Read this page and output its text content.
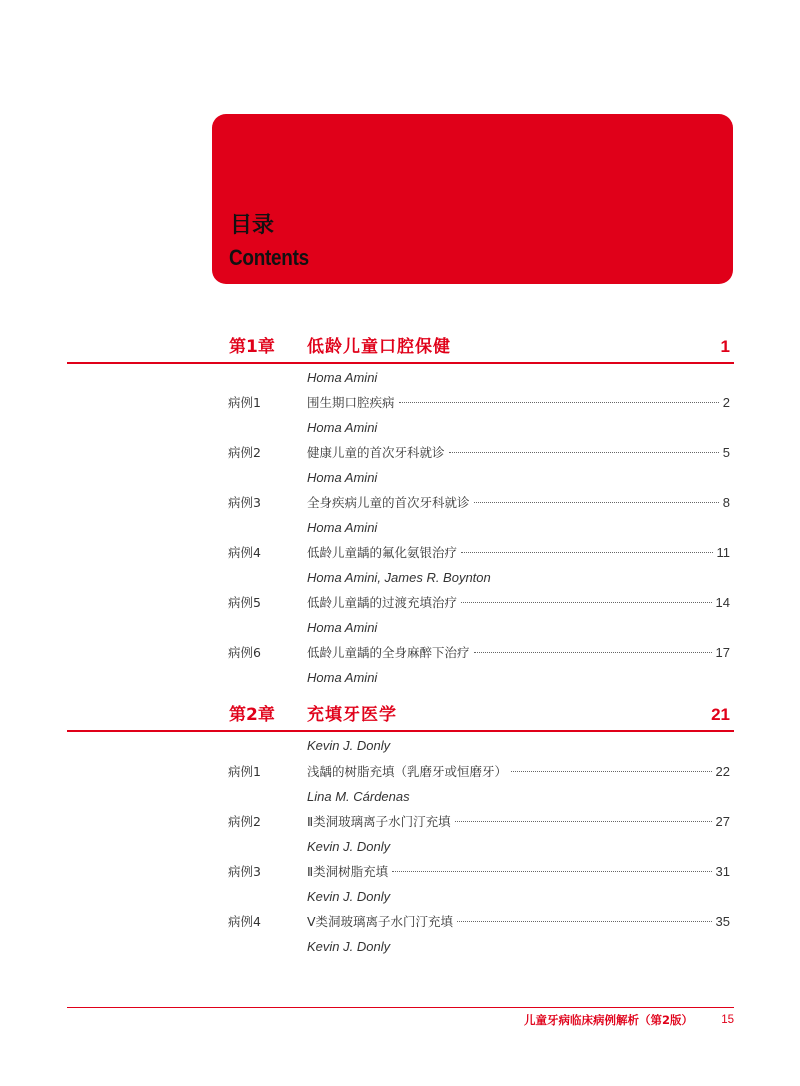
目录
Contents
第1章 低龄儿童口腔保健	1
Homa Amini
病例1	围生期口腔疾病	2
Homa Amini
病例2	健康儿童的首次牙科就诊	5
Homa Amini
病例3	全身疾病儿童的首次牙科就诊	8
Homa Amini
病例4	低龄儿童龋的氟化氨银治疗	11
Homa Amini, James R. Boynton
病例5	低龄儿童龋的过渡充填治疗	14
Homa Amini
病例6	低龄儿童龋的全身麻醉下治疗	17
Homa Amini
第2章 充填牙医学	21
Kevin J. Donly
病例1	浅龋的树脂充填（乳磨牙或恒磨牙）	22
Lina M. Cárdenas
病例2	Ⅱ类洞玻璃离子水门汀充填	27
Kevin J. Donly
病例3	Ⅱ类洞树脂充填	31
Kevin J. Donly
病例4	Ⅴ类洞玻璃离子水门汀充填	35
Kevin J. Donly
儿童牙病临床病例解析（第2版） 15
